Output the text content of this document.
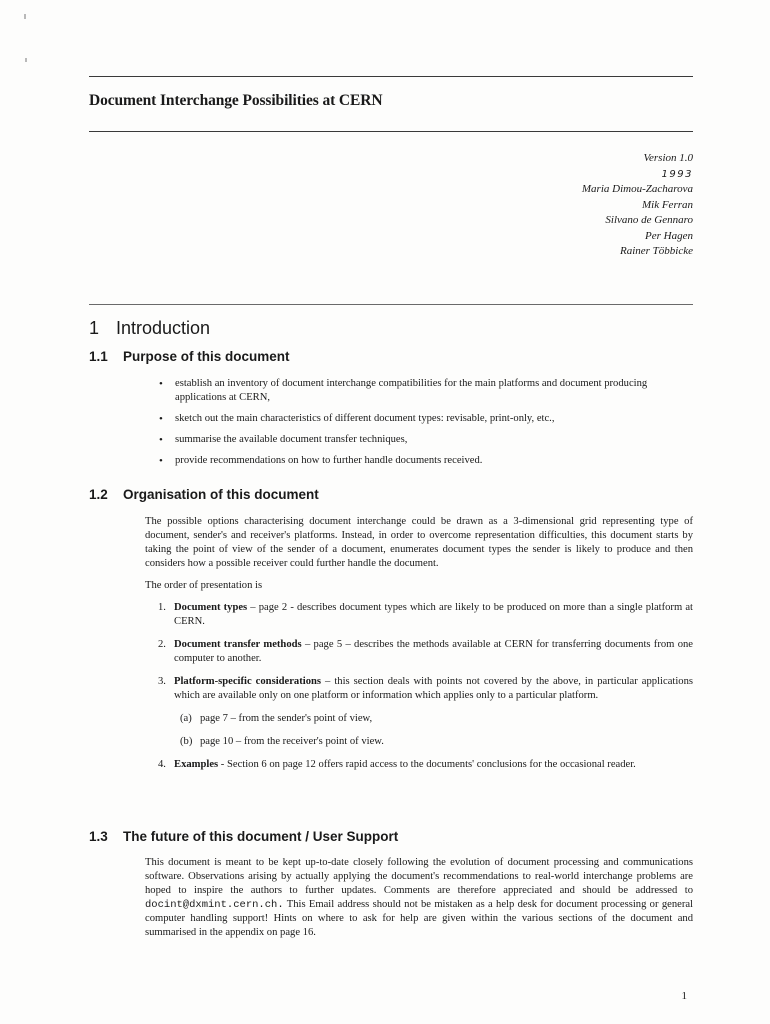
Document Interchange Possibilities at CERN
Version 1.0
1993
Maria Dimou-Zacharova
Mik Ferran
Silvano de Gennaro
Per Hagen
Rainer Többicke
1 Introduction
1.1 Purpose of this document
• establish an inventory of document interchange compatibilities for the main platforms and document producing applications at CERN,
• sketch out the main characteristics of different document types: revisable, print-only, etc.,
• summarise the available document transfer techniques,
• provide recommendations on how to further handle documents received.
1.2 Organisation of this document

The possible options characterising document interchange could be drawn as a 3-dimensional grid representing type of document, sender's and receiver's platforms. Instead, in order to overcome representation difficulties, this document starts by taking the point of view of the sender of a document, enumerates document types the sender is likely to produce and then considers how a possible receiver could further handle the document.

The order of presentation is

1. Document types – page 2 - describes document types which are likely to be produced on more than a single platform at CERN.
2. Document transfer methods – page 5 – describes the methods available at CERN for transferring documents from one computer to another.
3. Platform-specific considerations – this section deals with points not covered by the above, in particular applications which are available only on one platform or information which applies only to a particular platform.
(a) page 7 – from the sender's point of view,
(b) page 10 – from the receiver's point of view.
4. Examples - Section 6 on page 12 offers rapid access to the documents' conclusions for the occasional reader.
1.3 The future of this document / User Support

This document is meant to be kept up-to-date closely following the evolution of document processing and communications software. Observations arising by actually applying the document's recommendations to real-world interchange problems are hoped to inspire the authors to further updates. Comments are therefore appreciated and should be addressed to docint@dxmint.cern.ch. This Email address should not be mistaken as a help desk for document processing or general computer handling support! Hints on where to ask for help are given within the various sections of the document and summarised in the appendix on page 16.

1
